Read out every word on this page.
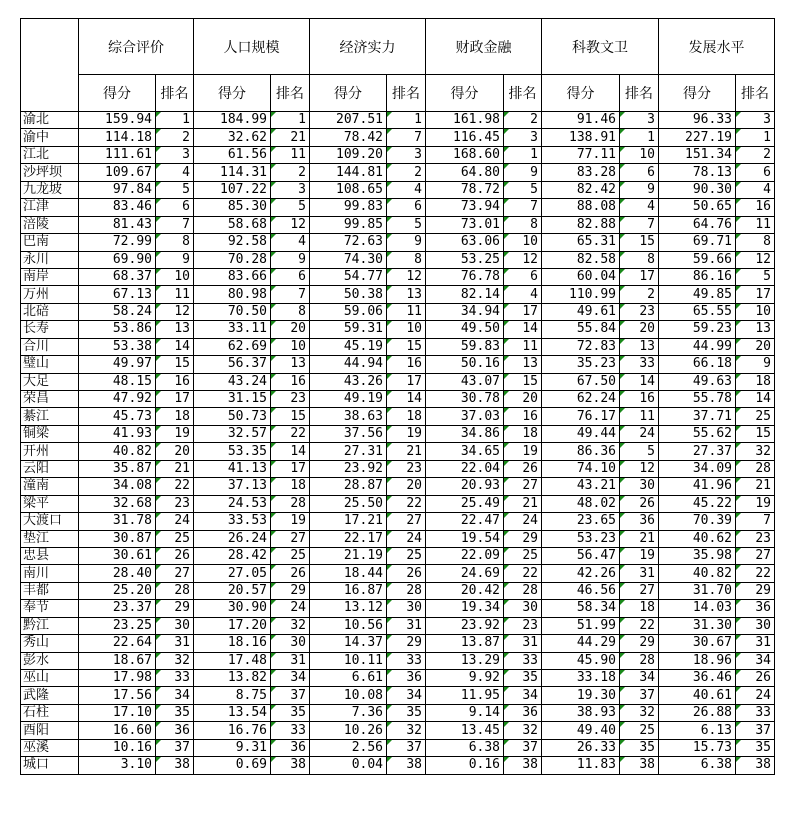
	综合评价		人口规模		经济实力		财政金融		科教文卫		发展水平	
	得分	排名	得分	排名	得分	排名	得分	排名	得分	排名	得分	排名
渝北	159.94	1	184.99	1	207.51	1	161.98	2	91.46	3	96.33	3
渝中	114.18	2	32.62	21	78.42	7	116.45	3	138.91	1	227.19	1
江北	111.61	3	61.56	11	109.20	3	168.60	1	77.11	10	151.34	2
沙坪坝	109.67	4	114.31	2	144.81	2	64.80	9	83.28	6	78.13	6
九龙坡	97.84	5	107.22	3	108.65	4	78.72	5	82.42	9	90.30	4
江津	83.46	6	85.30	5	99.83	6	73.94	7	88.08	4	50.65	16
涪陵	81.43	7	58.68	12	99.85	5	73.01	8	82.88	7	64.76	11
巴南	72.99	8	92.58	4	72.63	9	63.06	10	65.31	15	69.71	8
永川	69.90	9	70.28	9	74.30	8	53.25	12	82.58	8	59.66	12
南岸	68.37	10	83.66	6	54.77	12	76.78	6	60.04	17	86.16	5
万州	67.13	11	80.98	7	50.38	13	82.14	4	110.99	2	49.85	17
北碚	58.24	12	70.50	8	59.06	11	34.94	17	49.61	23	65.55	10
长寿	53.86	13	33.11	20	59.31	10	49.50	14	55.84	20	59.23	13
合川	53.38	14	62.69	10	45.19	15	59.83	11	72.83	13	44.99	20
璧山	49.97	15	56.37	13	44.94	16	50.16	13	35.23	33	66.18	9
大足	48.15	16	43.24	16	43.26	17	43.07	15	67.50	14	49.63	18
荣昌	47.92	17	31.15	23	49.19	14	30.78	20	62.24	16	55.78	14
綦江	45.73	18	50.73	15	38.63	18	37.03	16	76.17	11	37.71	25
铜梁	41.93	19	32.57	22	37.56	19	34.86	18	49.44	24	55.62	15
开州	40.82	20	53.35	14	27.31	21	34.65	19	86.36	5	27.37	32
云阳	35.87	21	41.13	17	23.92	23	22.04	26	74.10	12	34.09	28
潼南	34.08	22	37.13	18	28.87	20	20.93	27	43.21	30	41.96	21
梁平	32.68	23	24.53	28	25.50	22	25.49	21	48.02	26	45.22	19
大渡口	31.78	24	33.53	19	17.21	27	22.47	24	23.65	36	70.39	7
垫江	30.87	25	26.24	27	22.17	24	19.54	29	53.23	21	40.62	23
忠县	30.61	26	28.42	25	21.19	25	22.09	25	56.47	19	35.98	27
南川	28.40	27	27.05	26	18.44	26	24.69	22	42.26	31	40.82	22
丰都	25.20	28	20.57	29	16.87	28	20.42	28	46.56	27	31.70	29
奉节	23.37	29	30.90	24	13.12	30	19.34	30	58.34	18	14.03	36
黔江	23.25	30	17.20	32	10.56	31	23.92	23	51.99	22	31.30	30
秀山	22.64	31	18.16	30	14.37	29	13.87	31	44.29	29	30.67	31
彭水	18.67	32	17.48	31	10.11	33	13.29	33	45.90	28	18.96	34
巫山	17.98	33	13.82	34	6.61	36	9.92	35	33.18	34	36.46	26
武隆	17.56	34	8.75	37	10.08	34	11.95	34	19.30	37	40.61	24
石柱	17.10	35	13.54	35	7.36	35	9.14	36	38.93	32	26.88	33
酉阳	16.60	36	16.76	33	10.26	32	13.45	32	49.40	25	6.13	37
巫溪	10.16	37	9.31	36	2.56	37	6.38	37	26.33	35	15.73	35
城口	3.10	38	0.69	38	0.04	38	0.16	38	11.83	38	6.38	38
